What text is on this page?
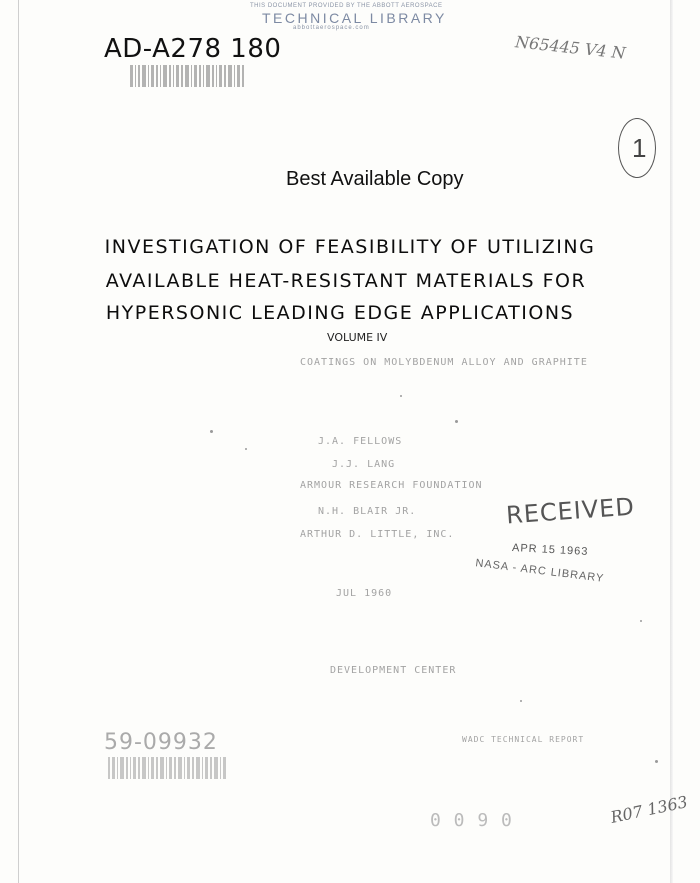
THIS DOCUMENT PROVIDED BY THE ABBOTT AEROSPACE
TECHNICAL LIBRARY
abbottaerospace.com
AD-A278 180	N65445 V4 N
1
Best Available Copy
INVESTIGATION OF FEASIBILITY OF UTILIZING
AVAILABLE HEAT-RESISTANT MATERIALS FOR
HYPERSONIC LEADING EDGE APPLICATIONS
VOLUME IV
COATINGS ON MOLYBDENUM ALLOY AND GRAPHITE
J.A. FELLOWS
J.J. LANG
ARMOUR RESEARCH FOUNDATION
N.H. BLAIR JR.
ARTHUR D. LITTLE, INC.
JUL 1960
DEVELOPMENT CENTER
WADC TECHNICAL REPORT
RECEIVED
APR 15 1963
NASA - ARC LIBRARY
59-09932
0 0 9 0	R07 1363
